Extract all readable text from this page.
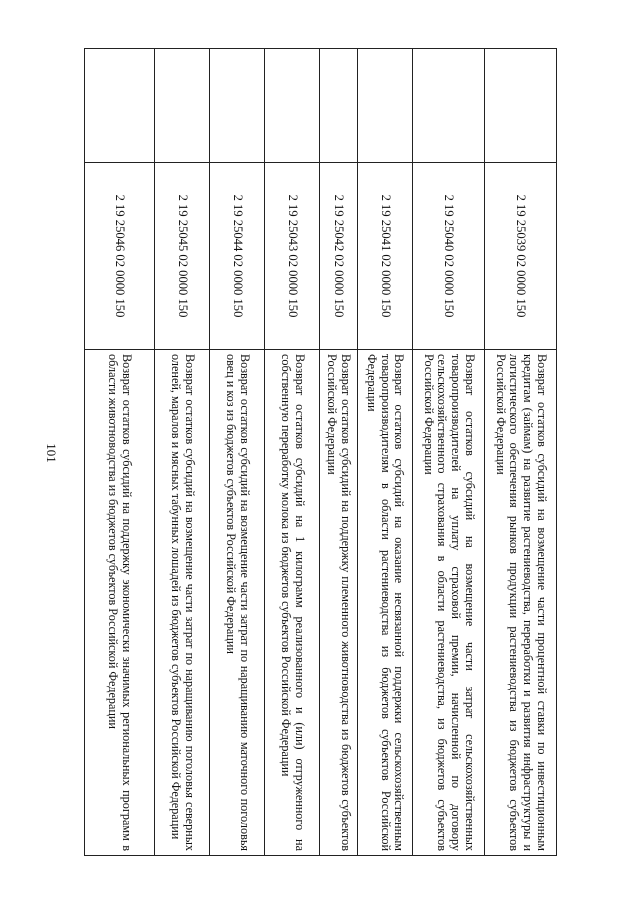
101
	2 19 25039 02 0000 150	Возврат остатков субсидий на возмещение части процентной ставки по инвестиционным кредитам (займам) на развитие растениеводства, переработки и развития инфраструктуры и логистического обеспечения рынков продукции растениеводства из бюджетов субъектов Российской Федерации
	2 19 25040 02 0000 150	Возврат остатков субсидий на возмещение части затрат сельскохозяйственных товаропроизводителей на уплату страховой премии, начисленной по договору сельскохозяйственного страхования в области растениеводства, из бюджетов субъектов Российской Федерации
	2 19 25041 02 0000 150	Возврат остатков субсидий на оказание несвязанной поддержки сельскохозяйственным товаропроизводителям в области растениеводства из бюджетов субъектов Российской Федерации
	2 19 25042 02 0000 150	Возврат остатков субсидий на поддержку племенного животноводства из бюджетов субъектов Российской Федерации
	2 19 25043 02 0000 150	Возврат остатков субсидий на 1 килограмм реализованного и (или) отгруженного на собственную переработку молока из бюджетов субъектов Российской Федерации
	2 19 25044 02 0000 150	Возврат остатков субсидий на возмещение части затрат по наращиванию маточного поголовья овец и коз из бюджетов субъектов Российской Федерации
	2 19 25045 02 0000 150	Возврат остатков субсидий на возмещение части затрат по наращиванию поголовья северных оленей, маралов и мясных табунных лошадей из бюджетов субъектов Российской Федерации
	2 19 25046 02 0000 150	Возврат остатков субсидий на поддержку экономически значимых региональных программ в области животноводства из бюджетов субъектов Российской Федерации
